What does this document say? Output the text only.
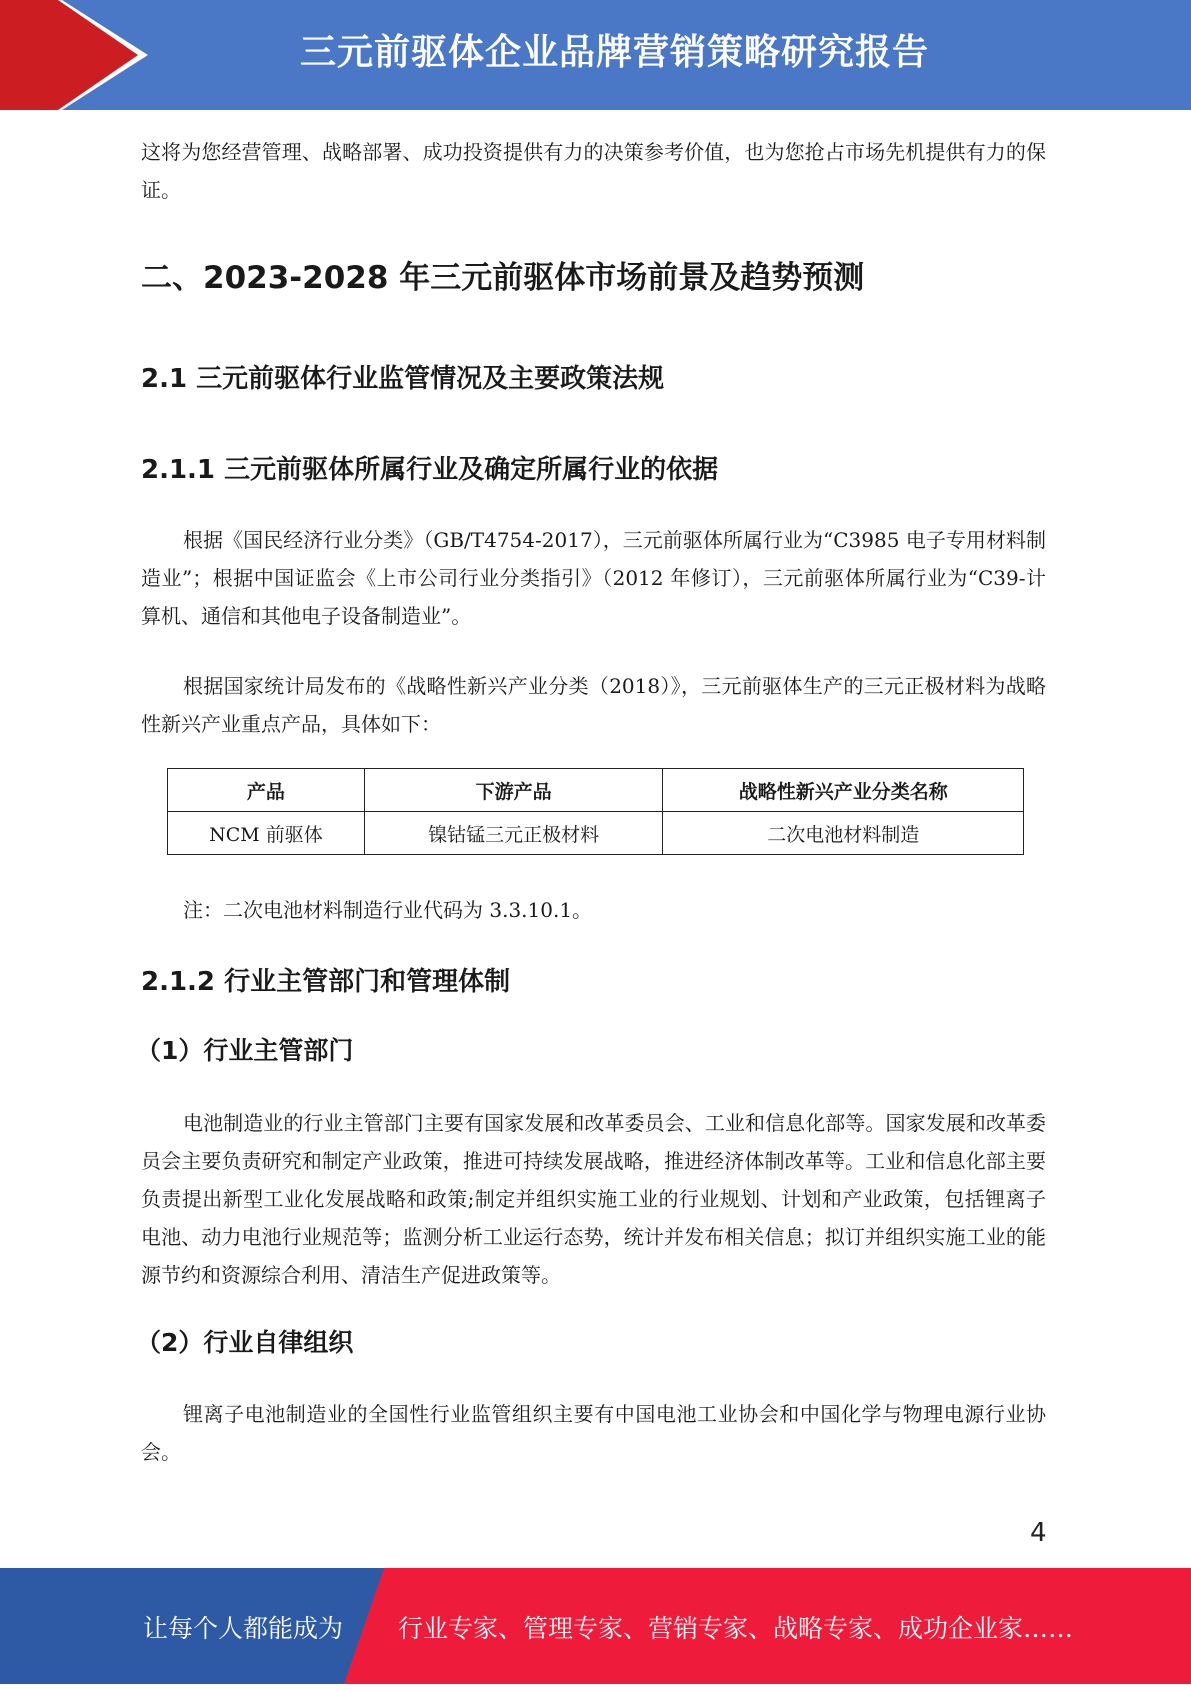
三元前驱体企业品牌营销策略研究报告

这将为您经营管理、战略部署、成功投资提供有力的决策参考价值，也为您抢占市场先机提供有力的保证。

二、2023-2028 年三元前驱体市场前景及趋势预测
2.1 三元前驱体行业监管情况及主要政策法规
2.1.1 三元前驱体所属行业及确定所属行业的依据

根据《国民经济行业分类》（GB/T4754-2017），三元前驱体所属行业为“C3985 电子专用材料制造业”；根据中国证监会《上市公司行业分类指引》（2012 年修订），三元前驱体所属行业为“C39-计算机、通信和其他电子设备制造业”。

根据国家统计局发布的《战略性新兴产业分类（2018）》，三元前驱体生产的三元正极材料为战略性新兴产业重点产品，具体如下：

注：二次电池材料制造行业代码为 3.3.10.1。

2.1.2 行业主管部门和管理体制
（1）行业主管部门

电池制造业的行业主管部门主要有国家发展和改革委员会、工业和信息化部等。国家发展和改革委员会主要负责研究和制定产业政策，推进可持续发展战略，推进经济体制改革等。工业和信息化部主要负责提出新型工业化发展战略和政策;制定并组织实施工业的行业规划、计划和产业政策，包括锂离子电池、动力电池行业规范等；监测分析工业运行态势，统计并发布相关信息；拟订并组织实施工业的能源节约和资源综合利用、清洁生产促进政策等。

（2）行业自律组织

锂离子电池制造业的全国性行业监管组织主要有中国电池工业协会和中国化学与物理电源行业协会。

产品	下游产品	战略性新兴产业分类名称
NCM 前驱体	镍钴锰三元正极材料	二次电池材料制造
4
让每个人都能成为 行业专家、管理专家、营销专家、战略专家、成功企业家……
